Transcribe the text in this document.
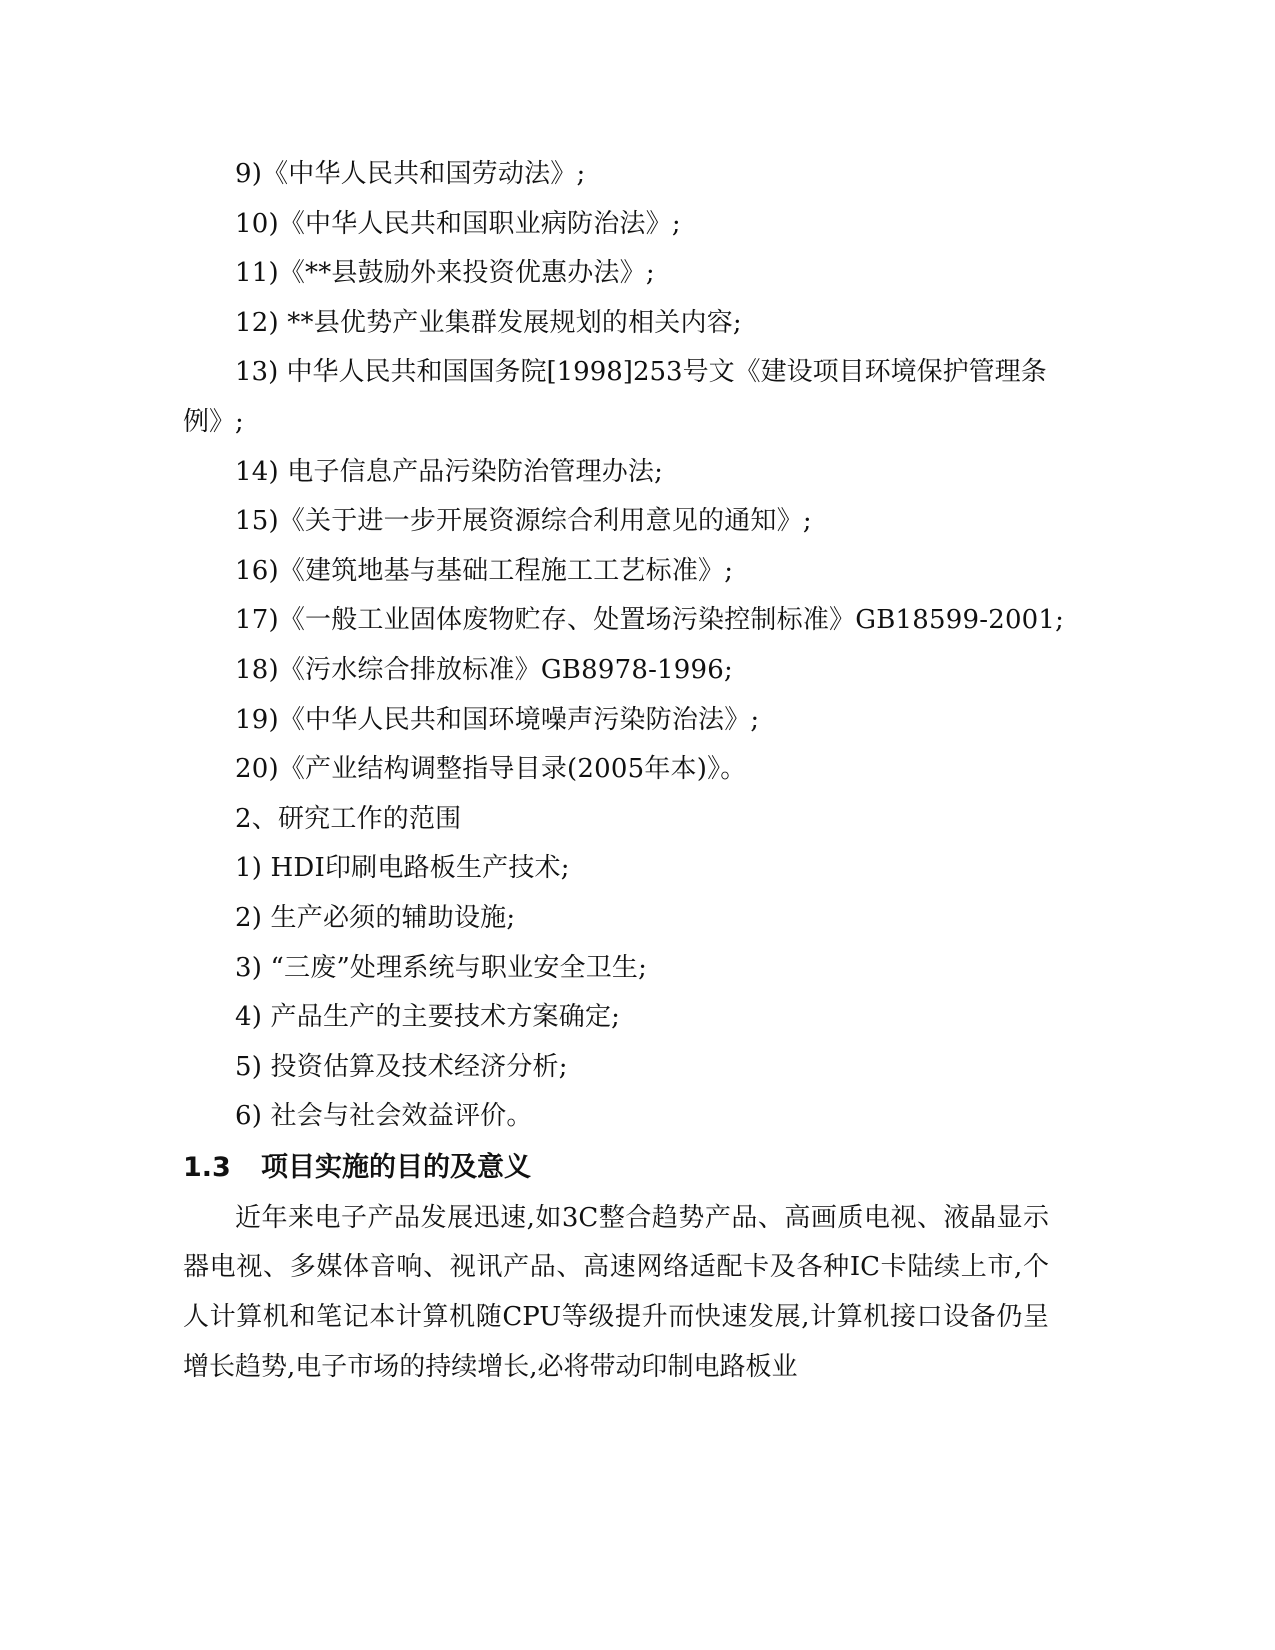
9)《中华人民共和国劳动法》;
10)《中华人民共和国职业病防治法》;
11)《**县鼓励外来投资优惠办法》;
12) **县优势产业集群发展规划的相关内容;
13) 中华人民共和国国务院[1998]253号文《建设项目环境保护管理条例》;
14) 电子信息产品污染防治管理办法;
15)《关于进一步开展资源综合利用意见的通知》;
16)《建筑地基与基础工程施工工艺标准》;
17)《一般工业固体废物贮存、处置场污染控制标准》GB18599-2001;
18)《污水综合排放标准》GB8978-1996;
19)《中华人民共和国环境噪声污染防治法》;
20)《产业结构调整指导目录(2005年本)》。
2、研究工作的范围
1) HDI印刷电路板生产技术;
2) 生产必须的辅助设施;
3) “三废”处理系统与职业安全卫生;
4) 产品生产的主要技术方案确定;
5) 投资估算及技术经济分析;
6) 社会与社会效益评价。
1.3 项目实施的目的及意义
近年来电子产品发展迅速,如3C整合趋势产品、高画质电视、液晶显示器电视、多媒体音响、视讯产品、高速网络适配卡及各种IC卡陆续上市,个人计算机和笔记本计算机随CPU等级提升而快速发展,计算机接口设备仍呈增长趋势,电子市场的持续增长,必将带动印制电路板业
